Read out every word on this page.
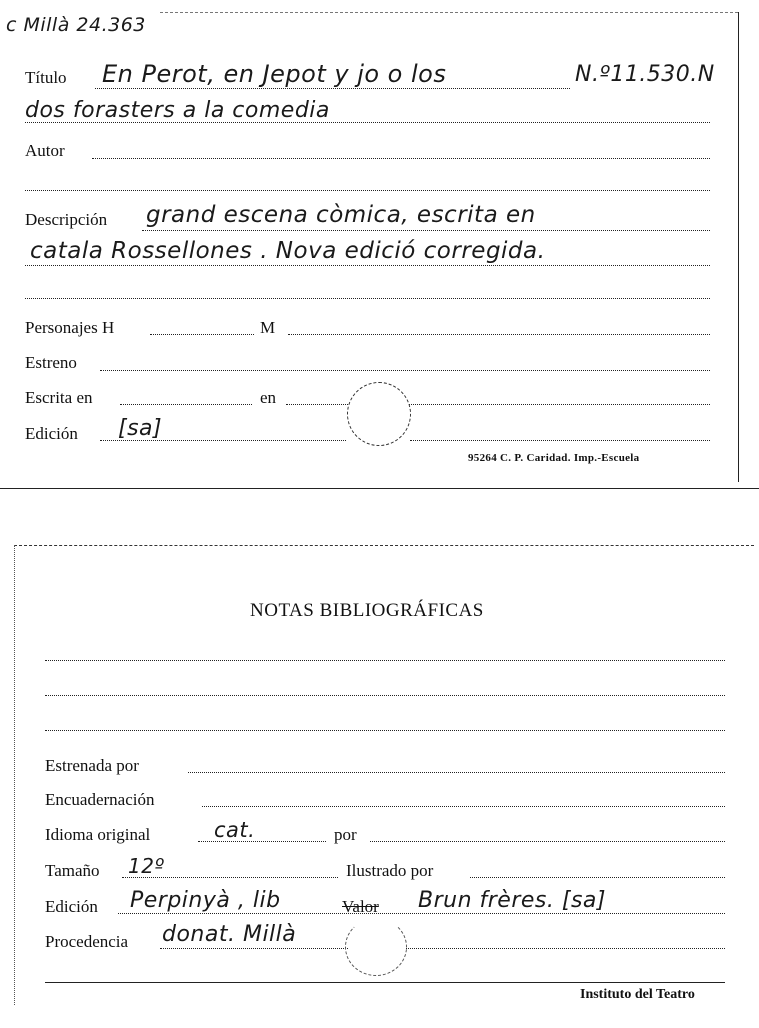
c Millà 24.363
Título En Perot, en Jepot y jo o los	N.º11.530.N
dos forasters a la comedia
Autor
Descripción grand escena còmica, escrita en
catala Rossellones . Nova edició corregida.
Personajes H	M
Estreno
Escrita en	en
Edición [sa]
95264 C. P. Caridad. Imp.-Escuela
NOTAS BIBLIOGRÁFICAS
Estrenada por
Encuadernación
Idioma original	cat.	por
Tamaño 12º	Ilustrado por
Edición Perpinyà , lib	Valor Brun frères. [sa]
Procedencia donat. Millà
Instituto del Teatro
